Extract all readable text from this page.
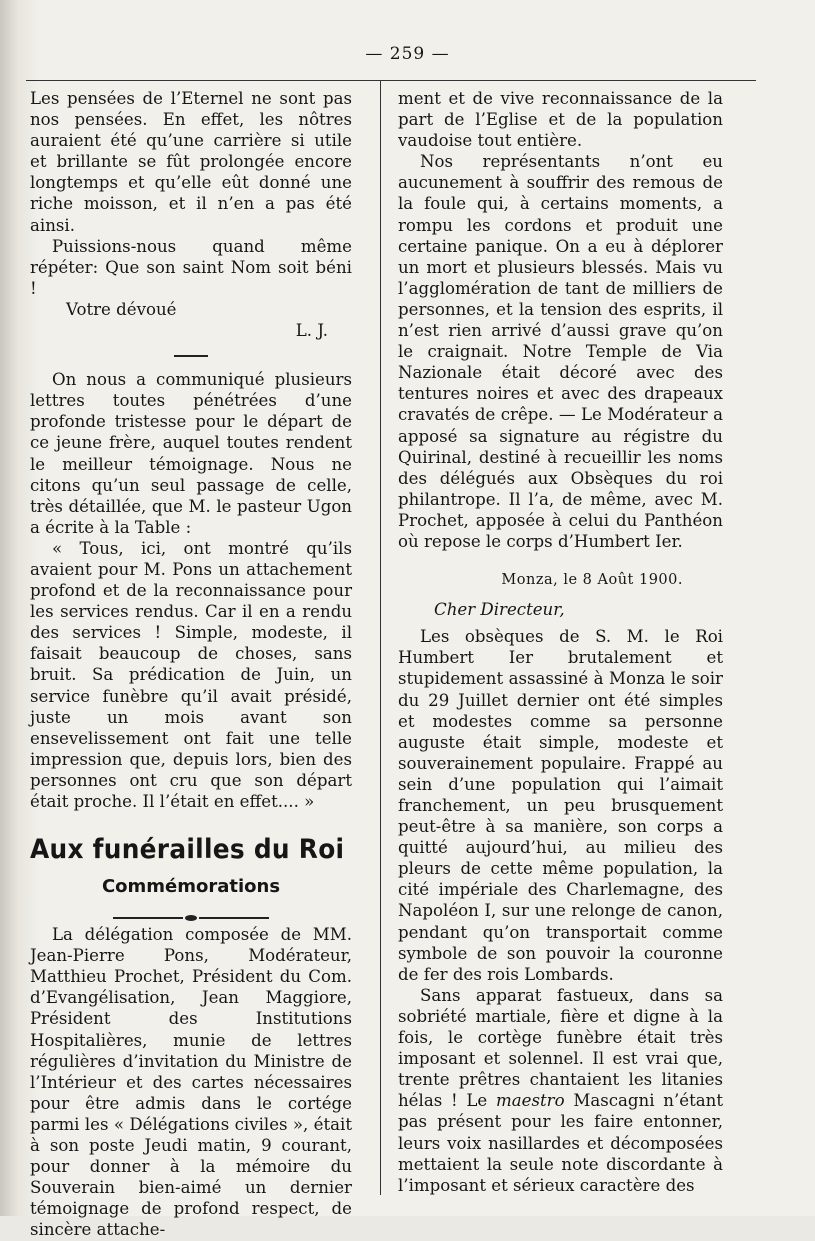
— 259 —

Les pensées de l’Eternel ne sont pas nos pensées. En effet, les nôtres auraient été qu’une carrière si utile et brillante se fût prolongée encore longtemps et qu’elle eût donné une riche moisson, et il n’en a pas été ainsi.

Puissions-nous quand même répéter: Que son saint Nom soit béni !

Votre dévoué

L. J.

On nous a communiqué plusieurs lettres toutes pénétrées d’une profonde tristesse pour le départ de ce jeune frère, auquel toutes rendent le meilleur témoignage. Nous ne citons qu’un seul passage de celle, très détaillée, que M. le pasteur Ugon a écrite à la Table :

« Tous, ici, ont montré qu’ils avaient pour M. Pons un attachement profond et de la reconnaissance pour les services rendus. Car il en a rendu des services ! Simple, modeste, il faisait beaucoup de choses, sans bruit. Sa prédication de Juin, un service funèbre qu’il avait présidé, juste un mois avant son ensevelissement ont fait une telle impression que, depuis lors, bien des personnes ont cru que son départ était proche. Il l’était en effet.... »

Aux funérailles du Roi
Commémorations

La délégation composée de MM. Jean-Pierre Pons, Modérateur, Matthieu Prochet, Président du Com. d’Evangélisation, Jean Maggiore, Président des Institutions Hospitalières, munie de lettres régulières d’invitation du Ministre de l’Intérieur et des cartes nécessaires pour être admis dans le cortége parmi les « Délégations civiles », était à son poste Jeudi matin, 9 courant, pour donner à la mémoire du Souverain bien-aimé un dernier témoignage de profond respect, de sincère attache-

ment et de vive reconnaissance de la part de l’Eglise et de la population vaudoise tout entière.

Nos représentants n’ont eu aucunement à souffrir des remous de la foule qui, à certains moments, a rompu les cordons et produit une certaine panique. On a eu à déplorer un mort et plusieurs blessés. Mais vu l’agglomération de tant de milliers de personnes, et la tension des esprits, il n’est rien arrivé d’aussi grave qu’on le craignait. Notre Temple de Via Nazionale était décoré avec des tentures noires et avec des drapeaux cravatés de crêpe. — Le Modérateur a apposé sa signature au régistre du Quirinal, destiné à recueillir les noms des délégués aux Obsèques du roi philantrope. Il l’a, de même, avec M. Prochet, apposée à celui du Panthéon où repose le corps d’Humbert Ier.

Monza, le 8 Août 1900.

Cher Directeur,

Les obsèques de S. M. le Roi Humbert Ier brutalement et stupidement assassiné à Monza le soir du 29 Juillet dernier ont été simples et modestes comme sa personne auguste était simple, modeste et souverainement populaire. Frappé au sein d’une population qui l’aimait franchement, un peu brusquement peut-être à sa manière, son corps a quitté aujourd’hui, au milieu des pleurs de cette même population, la cité impériale des Charlemagne, des Napoléon I, sur une relonge de canon, pendant qu’on transportait comme symbole de son pouvoir la couronne de fer des rois Lombards.

Sans apparat fastueux, dans sa sobriété martiale, fière et digne à la fois, le cortège funèbre était très imposant et solennel. Il est vrai que, trente prêtres chantaient les litanies hélas ! Le maestro Mascagni n’étant pas présent pour les faire entonner, leurs voix nasillardes et décomposées mettaient la seule note discordante à l’imposant et sérieux caractère des
